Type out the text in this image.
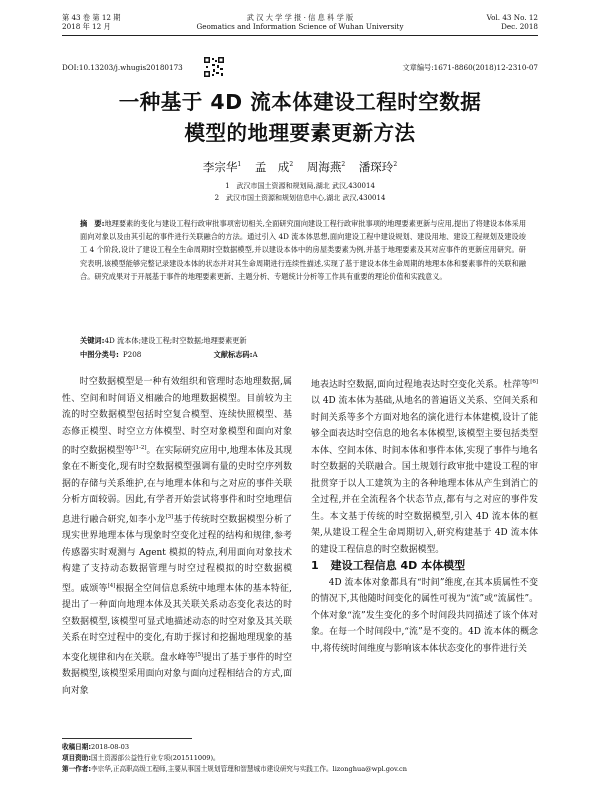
第 43 卷 第 12 期
2018 年 12 月
武 汉 大 学 学 报 · 信 息 科 学 版
Geomatics and Information Science of Wuhan University
Vol. 43 No. 12
Dec. 2018
DOI:10.13203/j.whugis20180173	文章编号:1671-8860(2018)12-2310-07
一种基于 4D 流本体建设工程时空数据
模型的地理要素更新方法
李宗华$^1$ 孟　成$^2$ 周海燕$^2$ 潘琛玲$^2$
1　武汉市国土资源和规划局,湖北 武汉,430014
2　武汉市国土资源和规划信息中心,湖北 武汉,430014
摘　要:地理要素的变化与建设工程行政审批事项密切相关,全面研究面向建设工程行政审批事项的地理要素更新与应用,提出了将建设本体采用面向对象以及由其引起的事件进行关联融合的方法。通过引入 4D 流本体思想,面向建设工程中建设规划、建设用地、建设工程规划及建设竣工 4 个阶段,设计了建设工程全生命周期时空数据模型,并以建设本体中的房屋类要素为例,并基于地理要素及其对应事件的更新应用研究。研究表明,该模型能够完整记录建设本体的状态并对其生命周期进行连续性描述,实现了基于建设本体生命周期的地理本体和要素事件的关联和融合。研究成果对于开展基于事件的地理要素更新、主题分析、专题统计分析等工作具有重要的理论价值和实践意义。
关键词:4D 流本体;建设工程;时空数据;地理要素更新
中图分类号: P208	文献标志码:A

时空数据模型是一种有效组织和管理时态地理数据,属性、空间和时间语义相融合的地理数据模型。目前较为主流的时空数据模型包括时空复合模型、连续快照模型、基态修正模型、时空立方体模型、时空对象模型和面向对象的时空数据模型等[1-2]。在实际研究应用中,地理本体及其现象在不断变化,现有时空数据模型强调有量的史时空序列数据的存储与关系维护,在与地理本体和与之对应的事件关联分析方面较弱。因此,有学者开始尝试将事件和时空地理信息进行融合研究,如李小龙[3]基于传统时空数据模型分析了现实世界地理本体与现象时空变化过程的结构和规律,参考传感器实时观测与 Agent 模拟的特点,利用面向对象技术构建了支持动态数据管理与时空过程模拟的时空数据模型。戚颂等[4]根据全空间信息系统中地理本体的基本特征,提出了一种面向地理本体及其关联关系动态变化表达的时空数据模型,该模型可显式地描述动态的时空对象及其关联关系在时空过程中的变化,有助于探讨和挖掘地理现象的基本变化规律和内在关联。盘水峰等[5]提出了基于事件的时空数据模型,该模型采用面向对象与面向过程相结合的方式,面向对象

地表达时空数据,面向过程地表达时空变化关系。杜萍等[6]以 4D 流本体为基础,从地名的普遍语义关系、空间关系和时间关系等多个方面对地名的演化进行本体建模,设计了能够全面表达时空信息的地名本体模型,该模型主要包括类型本体、空间本体、时间本体和事件本体,实现了事件与地名时空数据的关联融合。国土规划行政审批中建设工程的审批贯穿于以人工建筑为主的各种地理本体从产生到消亡的全过程,并在全流程各个状态节点,都有与之对应的事件发生。本文基于传统的时空数据模型,引入 4D 流本体的框架,从建设工程全生命周期切入,研究构建基于 4D 流本体的建设工程信息的时空数据模型。

1 建设工程信息 4D 本体模型

4D 流本体对象都具有“时间”维度,在其本质属性不变的情况下,其他随时间变化的属性可视为“流”或“流属性”。个体对象“流”发生变化的多个时间段共同描述了该个体对象。在每一个时间段中,“流”是不变的。4D 流本体的概念中,将传统时间维度与影响该本体状态变化的事件进行关

收稿日期:2018-08-03
项目资助:国土资源部公益性行业专项(201511009)。
第一作者:李宗华,正高职高级工程师,主要从事国土规划管理和智慧城市建设研究与实践工作。lizonghua@wpl.gov.cn
